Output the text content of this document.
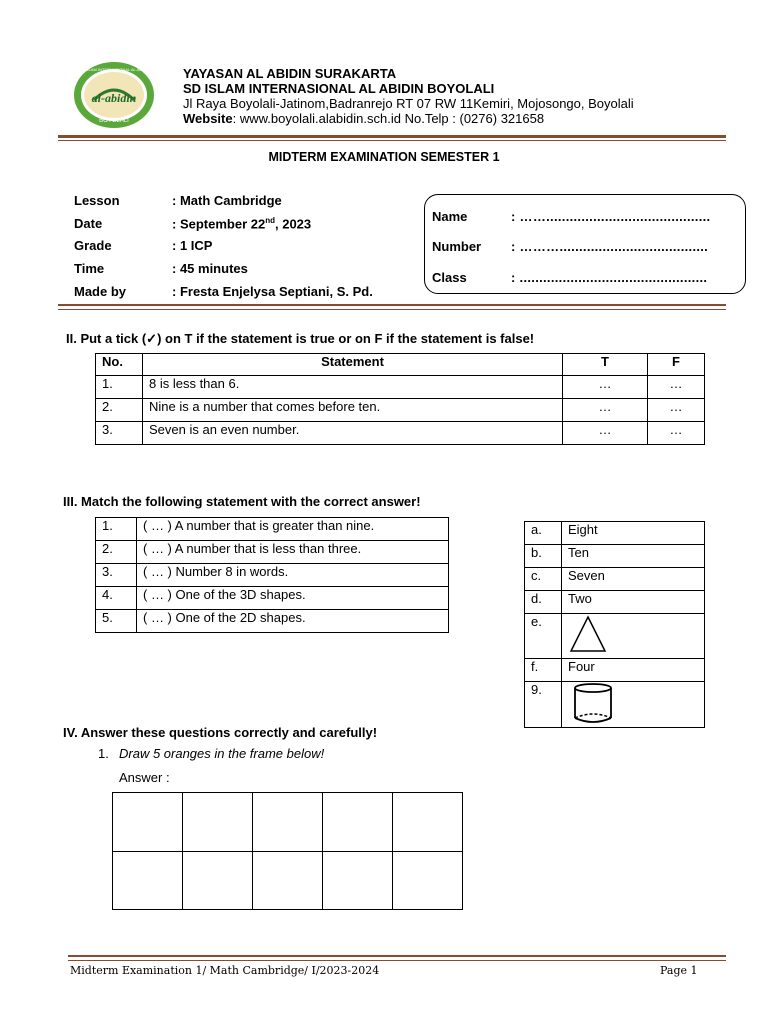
al-abidin
BOYOLALI
SD ISLAM INTERNASIONAL AL ABIDIN	YAYASAN AL ABIDIN SURAKARTA
SD ISLAM INTERNASIONAL AL ABIDIN BOYOLALI
Jl Raya Boyolali-Jatinom,Badranrejo RT 07 RW 11Kemiri, Mojosongo, Boyolali
Website: www.boyolali.alabidin.sch.id No.Telp : (0276) 321658
MIDTERM EXAMINATION SEMESTER 1
Lesson	: Math Cambridge
Date	: September 22nd, 2023
Grade	: 1 ICP
Time	: 45 minutes
Made by	: Fresta Enjelysa Septiani, S. Pd.
Name	: ……..........................................
Number : ………......................................
Class	: ................................................
II. Put a tick (✓) on T if the statement is true or on F if the statement is false!
No.	Statement	T	F
1.	8 is less than 6.	…	…
2.	Nine is a number that comes before ten.	…	…
3.	Seven is an even number.	…	…
III. Match the following statement with the correct answer!
1.	( … ) A number that is greater than nine.
2.	( … ) A number that is less than three.
3.	( … ) Number 8 in words.
4.	( … ) One of the 3D shapes.
5.	( … ) One of the 2D shapes.
a.	Eight
b.	Ten
c.	Seven
d.	Two
e.	
f.	Four
9.	
IV. Answer these questions correctly and carefully!
1. Draw 5 oranges in the frame below!
Answer :

Midterm Examination 1/ Math Cambridge/ I/2023-2024	Page 1
